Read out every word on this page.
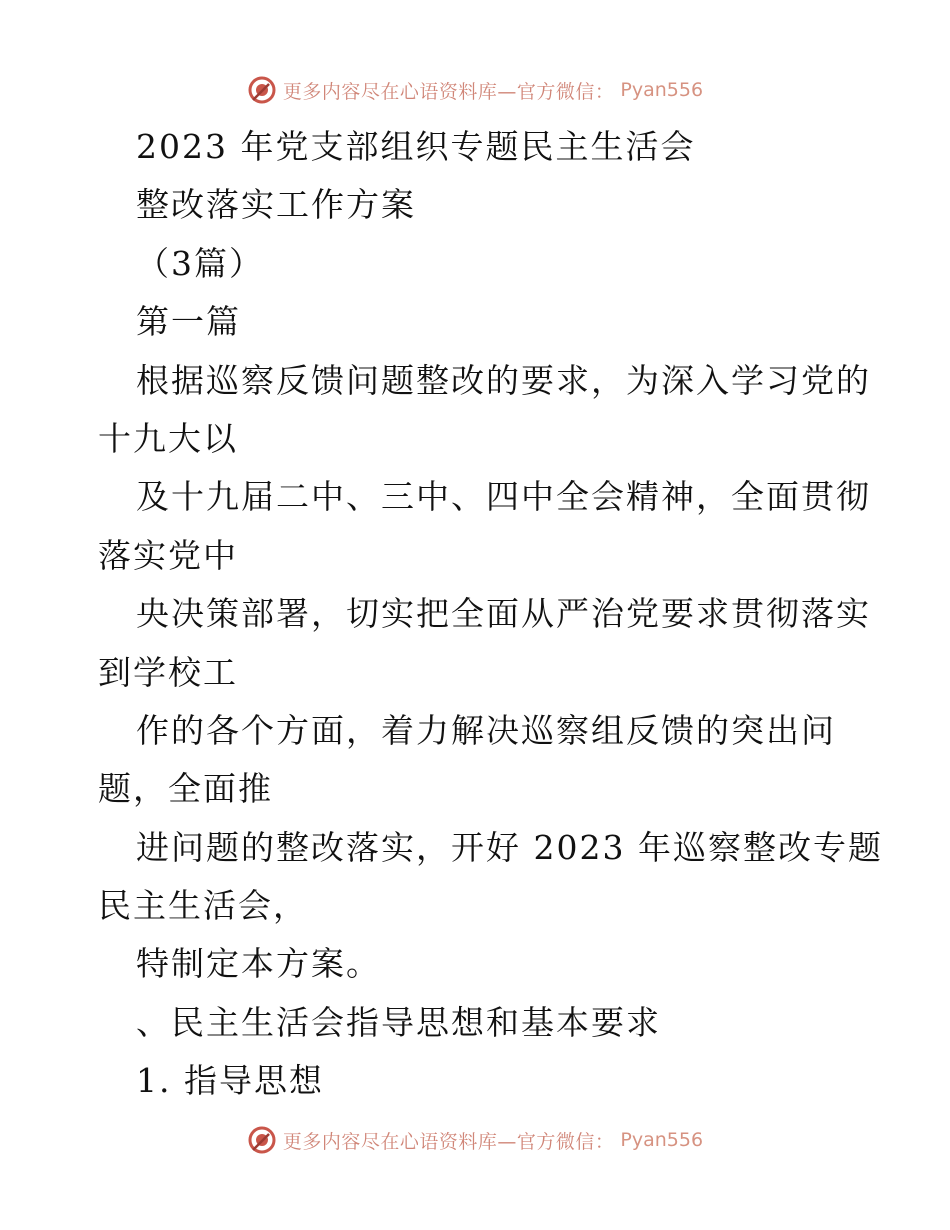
更多内容尽在心语资料库—官方微信： Pyan556
2023 年党支部组织专题民主生活会
整改落实工作方案
（3篇）
第一篇
根据巡察反馈问题整改的要求，为深入学习党的
十九大以
及十九届二中、三中、四中全会精神，全面贯彻
落实党中
央决策部署，切实把全面从严治党要求贯彻落实
到学校工
作的各个方面，着力解决巡察组反馈的突出问
题，全面推
进问题的整改落实，开好 2023 年巡察整改专题
民主生活会，
特制定本方案。
、民主生活会指导思想和基本要求
1. 指导思想
更多内容尽在心语资料库—官方微信： Pyan556
